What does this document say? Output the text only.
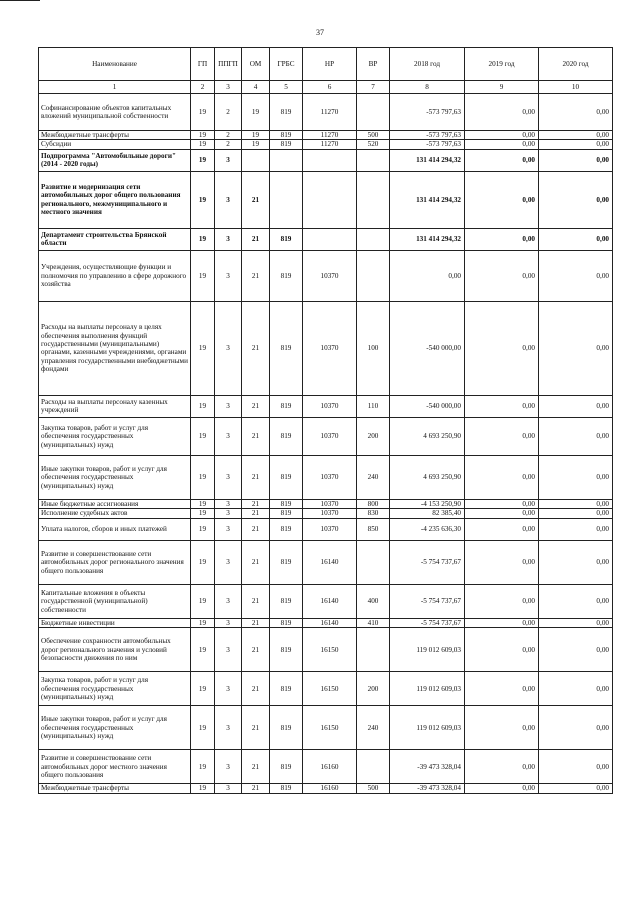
37
Наименование	ГП	ППГП	ОМ	ГРБС	НР	ВР	2018 год	2019 год	2020 год
1	2	3	4	5	6	7	8	9	10
Софинансирование объектов капитальных вложений муниципальной собственности	19	2	19	819	11270		-573 797,63	0,00	0,00
Межбюджетные трансферты	19	2	19	819	11270	500	-573 797,63	0,00	0,00
Субсидии	19	2	19	819	11270	520	-573 797,63	0,00	0,00
Подпрограмма "Автомобильные дороги" (2014 - 2020 годы)	19	3					131 414 294,32	0,00	0,00
Развитие и модернизация сети автомобильных дорог общего пользования регионального, межмуниципального и местного значения	19	3	21				131 414 294,32	0,00	0,00
Департамент строительства Брянской области	19	3	21	819			131 414 294,32	0,00	0,00
Учреждения, осуществляющие функции и полномочия по управлению в сфере дорожного хозяйства	19	3	21	819	10370		0,00	0,00	0,00
Расходы на выплаты персоналу в целях обеспечения выполнения функций государственными (муниципальными) органами, казенными учреждениями, органами управления государственными внебюджетными фондами	19	3	21	819	10370	100	-540 000,00	0,00	0,00
Расходы на выплаты персоналу казенных учреждений	19	3	21	819	10370	110	-540 000,00	0,00	0,00
Закупка товаров, работ и услуг для обеспечения государственных (муниципальных) нужд	19	3	21	819	10370	200	4 693 250,90	0,00	0,00
Иные закупки товаров, работ и услуг для обеспечения государственных (муниципальных) нужд	19	3	21	819	10370	240	4 693 250,90	0,00	0,00
Иные бюджетные ассигнования	19	3	21	819	10370	800	-4 153 250,90	0,00	0,00
Исполнение судебных актов	19	3	21	819	10370	830	82 385,40	0,00	0,00
Уплата налогов, сборов и иных платежей	19	3	21	819	10370	850	-4 235 636,30	0,00	0,00
Развитие и совершенствование сети автомобильных дорог регионального значения общего пользования	19	3	21	819	16140		-5 754 737,67	0,00	0,00
Капитальные вложения в объекты государственной (муниципальной) собственности	19	3	21	819	16140	400	-5 754 737,67	0,00	0,00
Бюджетные инвестиции	19	3	21	819	16140	410	-5 754 737,67	0,00	0,00
Обеспечение сохранности автомобильных дорог регионального значения и условий безопасности движения по ним	19	3	21	819	16150		119 012 609,03	0,00	0,00
Закупка товаров, работ и услуг для обеспечения государственных (муниципальных) нужд	19	3	21	819	16150	200	119 012 609,03	0,00	0,00
Иные закупки товаров, работ и услуг для обеспечения государственных (муниципальных) нужд	19	3	21	819	16150	240	119 012 609,03	0,00	0,00
Развитие и совершенствование сети автомобильных дорог местного значения общего пользования	19	3	21	819	16160		-39 473 328,04	0,00	0,00
Межбюджетные трансферты	19	3	21	819	16160	500	-39 473 328,04	0,00	0,00
